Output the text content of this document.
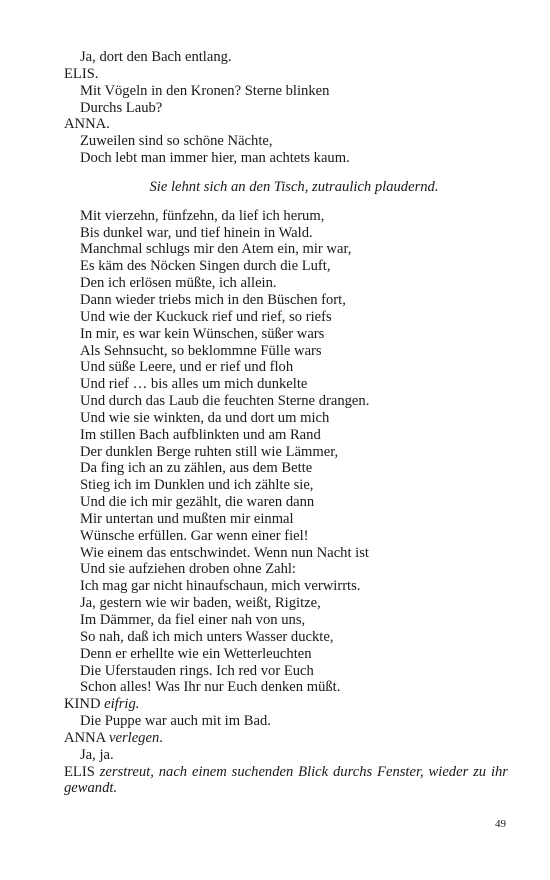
Ja, dort den Bach entlang.
ELIS.
Mit Vögeln in den Kronen? Sterne blinken
Durchs Laub?
ANNA.
Zuweilen sind so schöne Nächte,
Doch lebt man immer hier, man achtets kaum.
Sie lehnt sich an den Tisch, zutraulich plaudernd.
Mit vierzehn, fünfzehn, da lief ich herum,
Bis dunkel war, und tief hinein in Wald.
Manchmal schlugs mir den Atem ein, mir war,
Es käm des Nöcken Singen durch die Luft,
Den ich erlösen müßte, ich allein.
Dann wieder triebs mich in den Büschen fort,
Und wie der Kuckuck rief und rief, so riefs
In mir, es war kein Wünschen, süßer wars
Als Sehnsucht, so beklommne Fülle wars
Und süße Leere, und er rief und floh
Und rief … bis alles um mich dunkelte
Und durch das Laub die feuchten Sterne drangen.
Und wie sie winkten, da und dort um mich
Im stillen Bach aufblinkten und am Rand
Der dunklen Berge ruhten still wie Lämmer,
Da fing ich an zu zählen, aus dem Bette
Stieg ich im Dunklen und ich zählte sie,
Und die ich mir gezählt, die waren dann
Mir untertan und mußten mir einmal
Wünsche erfüllen. Gar wenn einer fiel!
Wie einem das entschwindet. Wenn nun Nacht ist
Und sie aufziehen droben ohne Zahl:
Ich mag gar nicht hinaufschaun, mich verwirrts.
Ja, gestern wie wir baden, weißt, Rigitze,
Im Dämmer, da fiel einer nah von uns,
So nah, daß ich mich unters Wasser duckte,
Denn er erhellte wie ein Wetterleuchten
Die Uferstauden rings. Ich red vor Euch
Schon alles! Was Ihr nur Euch denken müßt.
KIND eifrig.
Die Puppe war auch mit im Bad.
ANNA verlegen.
Ja, ja.
ELIS zerstreut, nach einem suchenden Blick durchs Fenster, wieder zu ihr gewandt.
49
